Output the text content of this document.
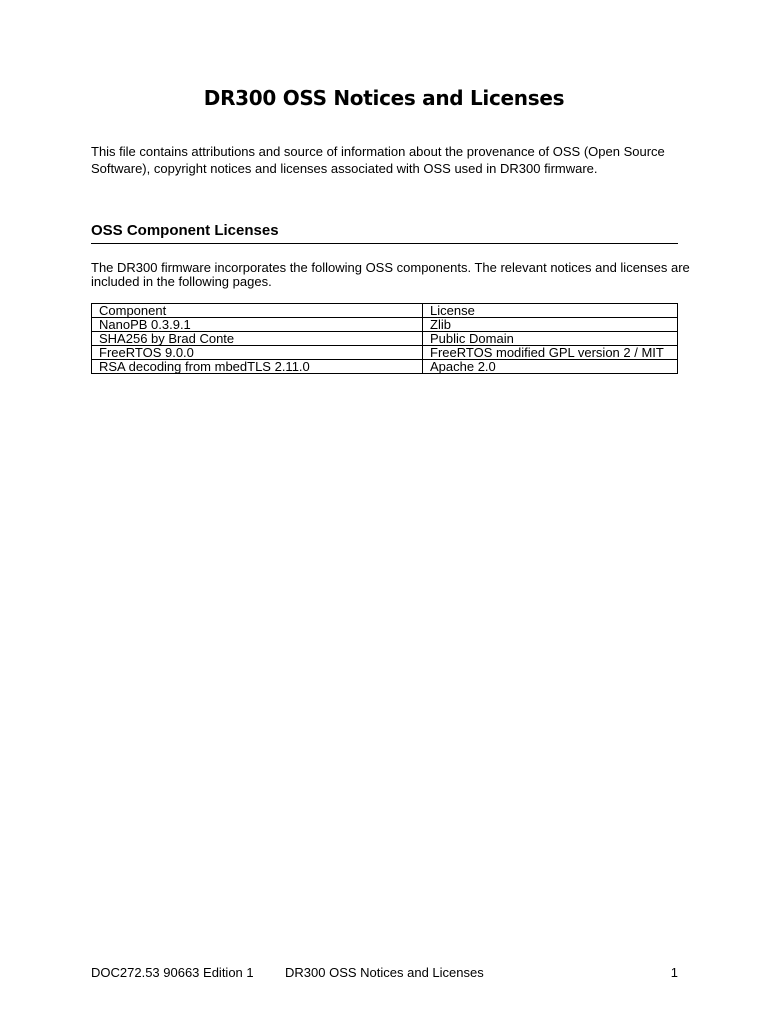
DR300 OSS Notices and Licenses

This file contains attributions and source of information about the provenance of OSS (Open Source Software), copyright notices and licenses associated with OSS used in DR300 firmware.

OSS Component Licenses

The DR300 firmware incorporates the following OSS components. The relevant notices and licenses are included in the following pages.

Component	License
NanoPB 0.3.9.1	Zlib
SHA256 by Brad Conte	Public Domain
FreeRTOS 9.0.0	FreeRTOS modified GPL version 2 / MIT
RSA decoding from mbedTLS 2.11.0	Apache 2.0
DOC272.53 90663 Edition 1 DR300 OSS Notices and Licenses	1
